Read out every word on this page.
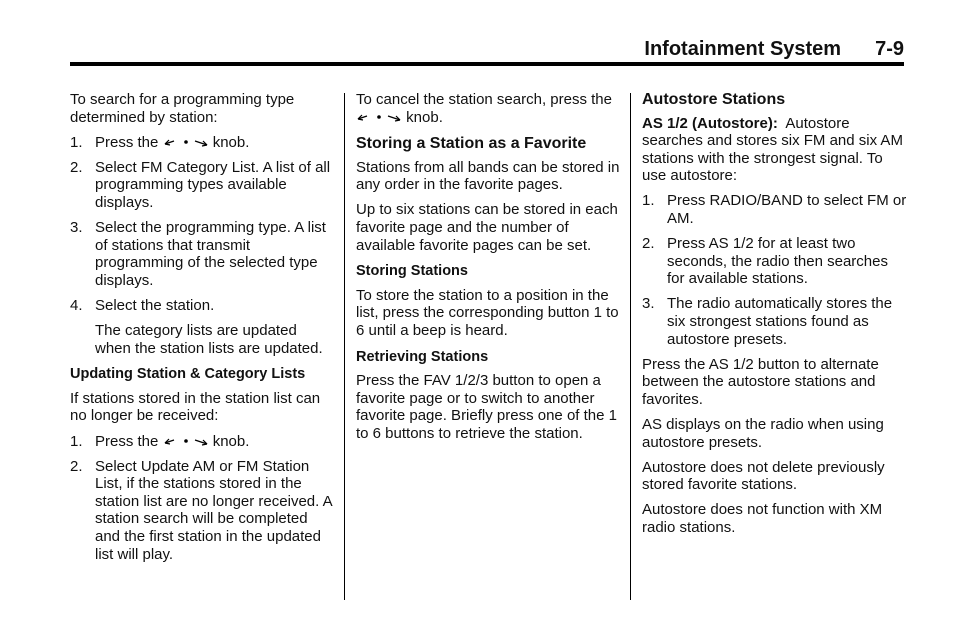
Infotainment System 7-9

To search for a programming type determined by station:

1. Press the	knob.
2. Select FM Category List. A list of all programming types available displays.
3. Select the programming type. A list of stations that transmit programming of the selected type displays.
4. Select the station.

The category lists are updated when the station lists are updated.

Updating Station & Category Lists

If stations stored in the station list can no longer be received:

1. Press the	knob.
2. Select Update AM or FM Station List, if the stations stored in the station list are no longer received. A station search will be completed and the first station in the updated list will play.

To cancel the station search, press the  knob.

Storing a Station as a Favorite

Stations from all bands can be stored in any order in the favorite pages.

Up to six stations can be stored in each favorite page and the number of available favorite pages can be set.

Storing Stations

To store the station to a position in the list, press the corresponding button 1 to 6 until a beep is heard.

Retrieving Stations

Press the FAV 1/2/3 button to open a favorite page or to switch to another favorite page. Briefly press one of the 1 to 6 buttons to retrieve the station.

Autostore Stations

AS 1/2 (Autostore): Autostore searches and stores six FM and six AM stations with the strongest signal. To use autostore:

1. Press RADIO/BAND to select FM or AM.
2. Press AS 1/2 for at least two seconds, the radio then searches for available stations.
3. The radio automatically stores the six strongest stations found as autostore presets.

Press the AS 1/2 button to alternate between the autostore stations and favorites.

AS displays on the radio when using autostore presets.

Autostore does not delete previously stored favorite stations.

Autostore does not function with XM radio stations.
